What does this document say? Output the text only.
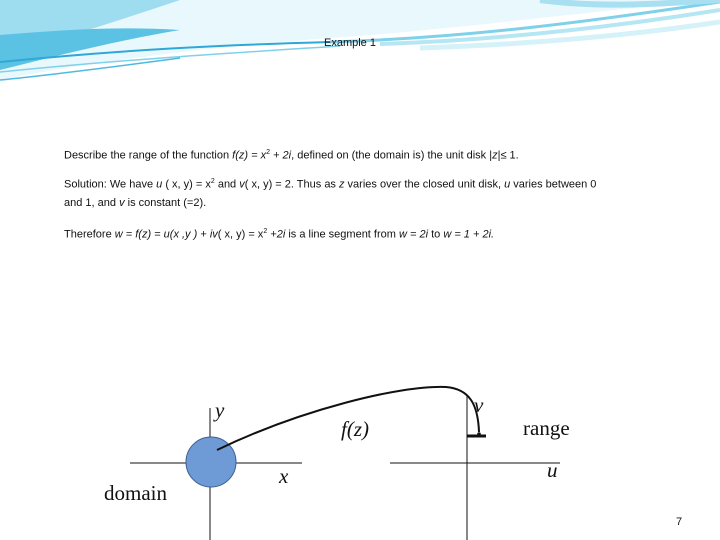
Example 1
Describe the range of the function $f(z) = x^2 + 2i$, defined on (the domain is) the unit disk |z|≤ 1.
Solution: We have u ( x, $y) = x^2$ and v( x, y) = 2. Thus as z varies over the closed unit disk, u varies between 0
and 1, and v is constant (=2).
Therefore w = f(z) = u(x ,y ) + iv( x, $y) = x^2 +2i$ is a line segment from w = 2i to w = 1 + 2i.
domain
y
x
f(z)
v
range
u
7
